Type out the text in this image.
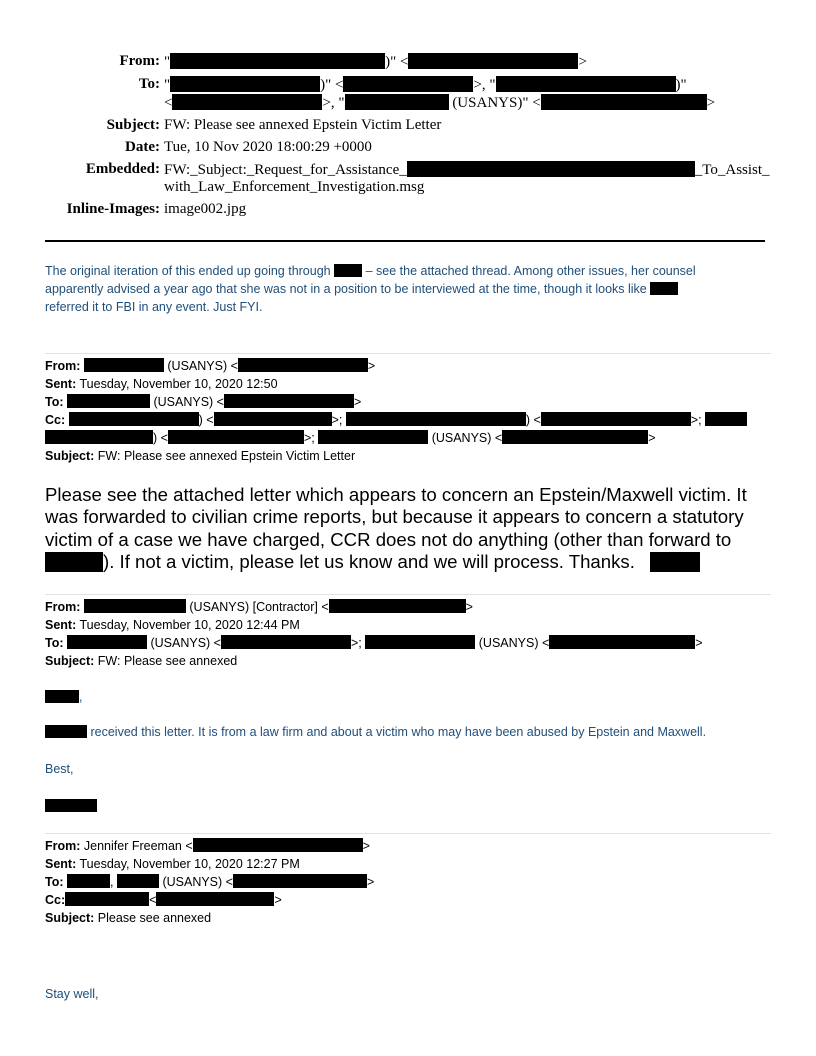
From: "	)" <	>
To: "	)" <	>, "	)"
<	>, "	(USANYS)" <	>
Subject: FW: Please see annexed Epstein Victim Letter
Date: Tue, 10 Nov 2020 18:00:29 +0000
Embedded: FW:_Subject:_Request_for_Assistance_	_To_Assist_
with_Law_Enforcement_Investigation.msg
Inline-Images: image002.jpg
The original iteration of this ended up going through	– see the attached thread. Among other issues, her counsel
apparently advised a year ago that she was not in a position to be interviewed at the time, though it looks like
referred it to FBI in any event. Just FYI.
From:	(USANYS) <	>
Sent: Tuesday, November 10, 2020 12:50
To:	(USANYS) <	>
Cc:	) <	>;	) <	>;
) <	>;	(USANYS) <	>
Subject: FW: Please see annexed Epstein Victim Letter
Please see the attached letter which appears to concern an Epstein/Maxwell victim. It
was forwarded to civilian crime reports, but because it appears to concern a statutory
victim of a case we have charged, CCR does not do anything (other than forward to
). If not a victim, please let us know and we will process. Thanks.
From:	(USANYS) [Contractor] <	>
Sent: Tuesday, November 10, 2020 12:44 PM
To:	(USANYS) <	>;	(USANYS) <	>
Subject: FW: Please see annexed
,
received this letter. It is from a law firm and about a victim who may have been abused by Epstein and Maxwell.
Best,
From: Jennifer Freeman <	>
Sent: Tuesday, November 10, 2020 12:27 PM
To:	,	(USANYS) <	>
Cc:	<	>
Subject: Please see annexed
Stay well,
